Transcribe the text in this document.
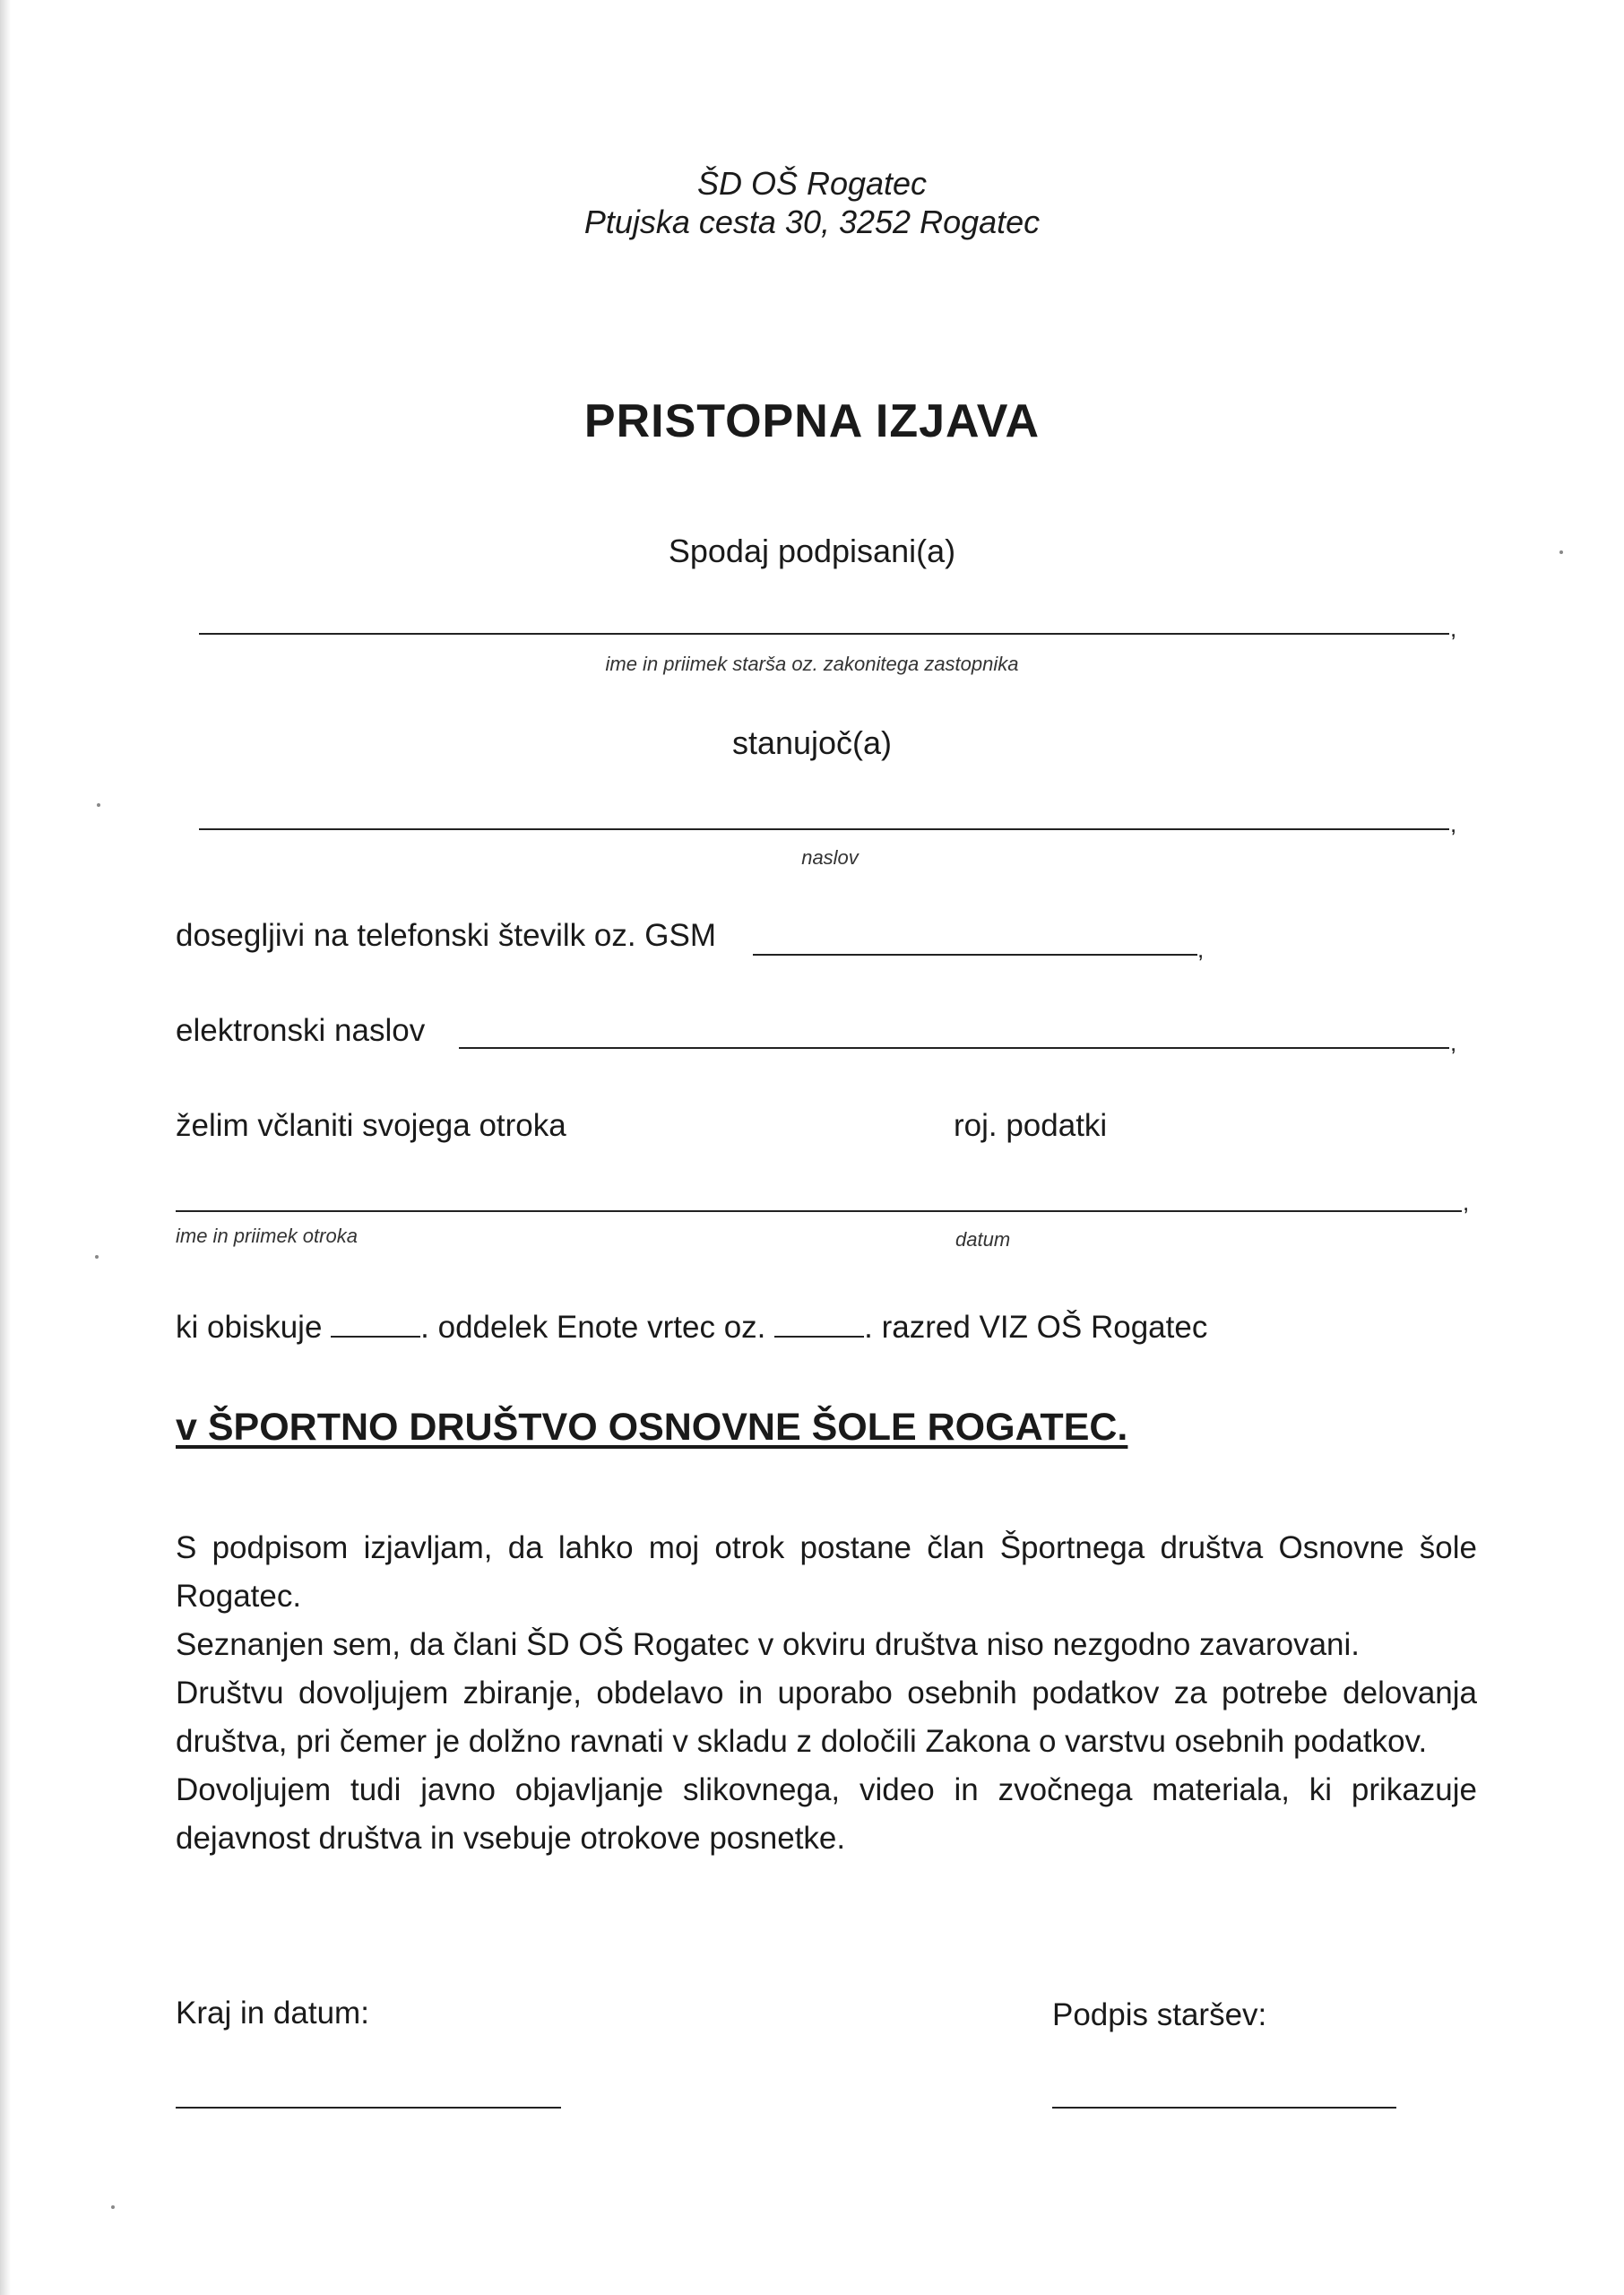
ŠD OŠ Rogatec
Ptujska cesta 30, 3252 Rogatec
PRISTOPNA IZJAVA
Spodaj podpisani(a)
,
ime in priimek starša oz. zakonitega zastopnika
stanujoč(a)
,
naslov
dosegljivi na telefonski številk oz. GSM	,
elektronski naslov	,
želim včlaniti svojega otroka	roj. podatki
,
ime in priimek otroka	datum
ki obiskuje	. oddelek Enote vrtec oz.	. razred VIZ OŠ Rogatec
v ŠPORTNO DRUŠTVO OSNOVNE ŠOLE ROGATEC.

S podpisom izjavljam, da lahko moj otrok postane član Športnega društva Osnovne šole Rogatec.

Seznanjen sem, da člani ŠD OŠ Rogatec v okviru društva niso nezgodno zavarovani.

Društvu dovoljujem zbiranje, obdelavo in uporabo osebnih podatkov za potrebe delovanja društva, pri čemer je dolžno ravnati v skladu z določili Zakona o varstvu osebnih podatkov.

Dovoljujem tudi javno objavljanje slikovnega, video in zvočnega materiala, ki prikazuje dejavnost društva in vsebuje otrokove posnetke.

Kraj in datum:	Podpis staršev:
